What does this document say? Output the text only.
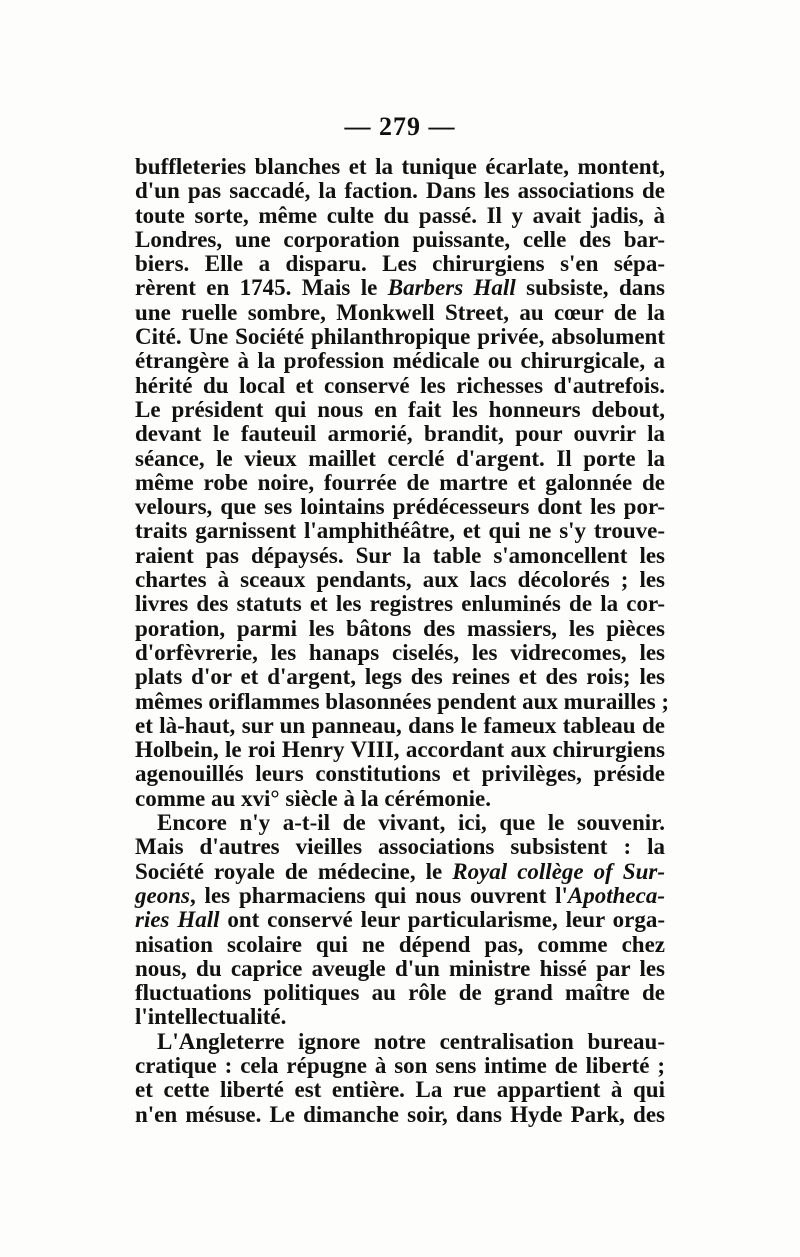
— 279 —
buffleteries blanches et la tunique écarlate, montent,
d'un pas saccadé, la faction. Dans les associations de
toute sorte, même culte du passé. Il y avait jadis, à
Londres, une corporation puissante, celle des bar-
biers. Elle a disparu. Les chirurgiens s'en sépa-
rèrent en 1745. Mais le Barbers Hall subsiste, dans
une ruelle sombre, Monkwell Street, au cœur de la
Cité. Une Société philanthropique privée, absolument
étrangère à la profession médicale ou chirurgicale, a
hérité du local et conservé les richesses d'autrefois.
Le président qui nous en fait les honneurs debout,
devant le fauteuil armorié, brandit, pour ouvrir la
séance, le vieux maillet cerclé d'argent. Il porte la
même robe noire, fourrée de martre et galonnée de
velours, que ses lointains prédécesseurs dont les por-
traits garnissent l'amphithéâtre, et qui ne s'y trouve-
raient pas dépaysés. Sur la table s'amoncellent les
chartes à sceaux pendants, aux lacs décolorés ; les
livres des statuts et les registres enluminés de la cor-
poration, parmi les bâtons des massiers, les pièces
d'orfèvrerie, les hanaps ciselés, les vidrecomes, les
plats d'or et d'argent, legs des reines et des rois; les
mêmes oriflammes blasonnées pendent aux murailles ;
et là-haut, sur un panneau, dans le fameux tableau de
Holbein, le roi Henry VIII, accordant aux chirurgiens
agenouillés leurs constitutions et privilèges, préside
comme au xvi° siècle à la cérémonie.
Encore n'y a-t-il de vivant, ici, que le souvenir.
Mais d'autres vieilles associations subsistent : la
Société royale de médecine, le Royal collège of Sur-
geons, les pharmaciens qui nous ouvrent l'Apotheca-
ries Hall ont conservé leur particularisme, leur orga-
nisation scolaire qui ne dépend pas, comme chez
nous, du caprice aveugle d'un ministre hissé par les
fluctuations politiques au rôle de grand maître de
l'intellectualité.
L'Angleterre ignore notre centralisation bureau-
cratique : cela répugne à son sens intime de liberté ;
et cette liberté est entière. La rue appartient à qui
n'en mésuse. Le dimanche soir, dans Hyde Park, des
